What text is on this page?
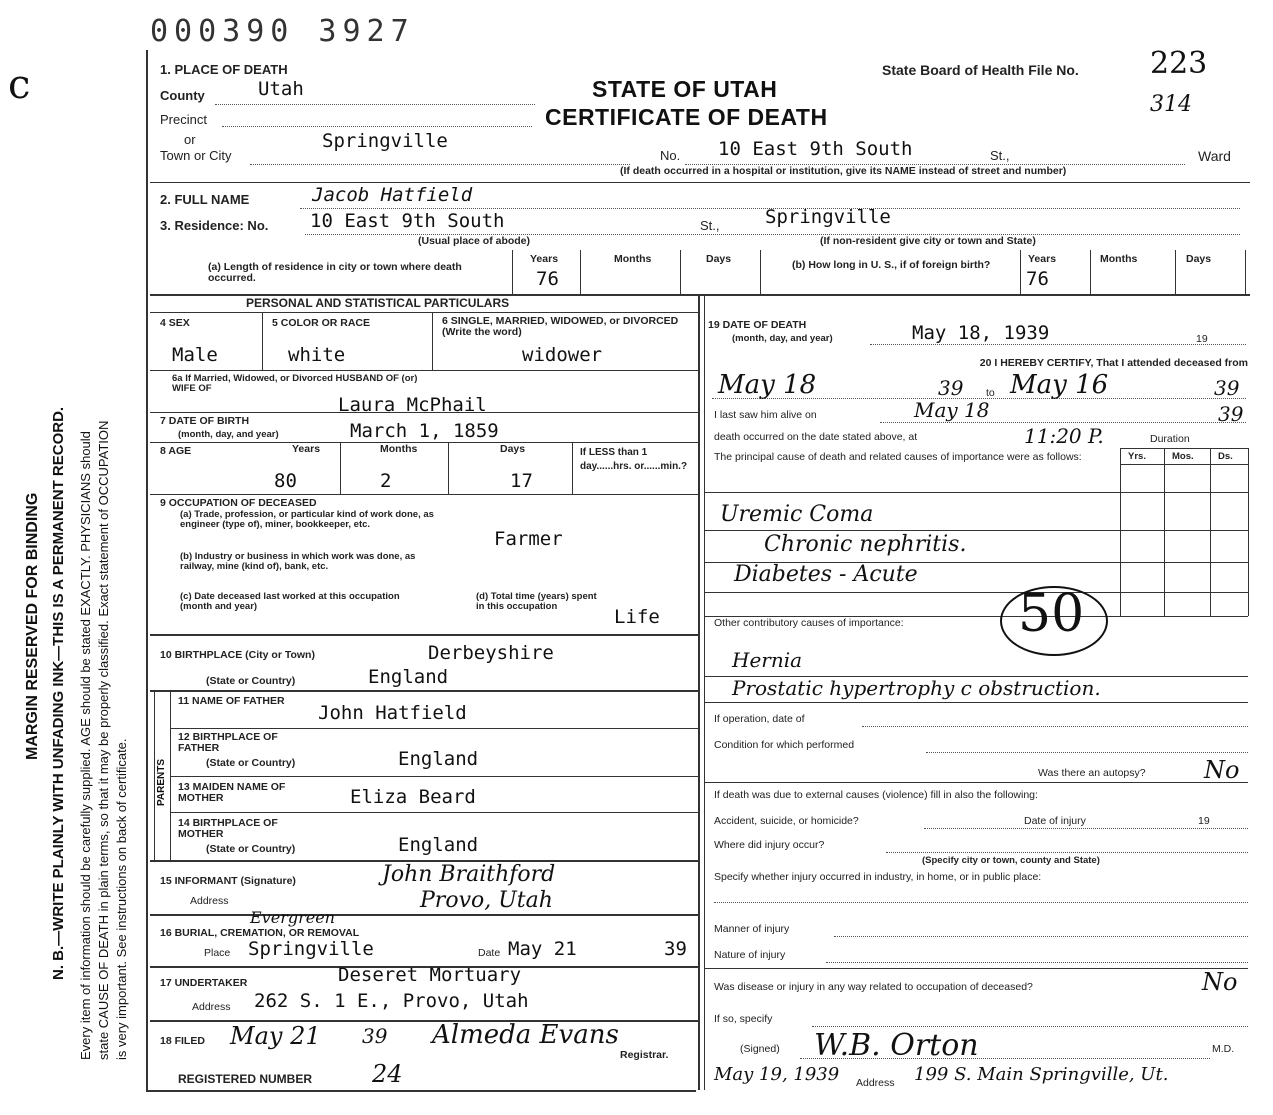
000390 3927
State Board of Health File No. 223
314
STATE OF UTAH
CERTIFICATE OF DEATH
c
MARGIN RESERVED FOR BINDING N. B.—WRITE PLAINLY WITH UNFADING INK—THIS IS A PERMANENT RECORD. Every item of information should be carefully supplied. AGE should be stated EXACTLY. PHYSICIANS should state CAUSE OF DEATH in plain terms, so that it may be properly classified. Exact statement of OCCUPATION is very important. See instructions on back of certificate.
1. PLACE OF DEATH
County	Utah
Precinct
or
Town or City
Springville
No. 10 East 9th South	St.,	Ward
(If death occurred in a hospital or institution, give its NAME instead of street and number)
2. FULL NAME	Jacob Hatfield
3. Residence: No. 10 East 9th South	St., Springville
(Usual place of abode)	(If non-resident give city or town and State)
(a) Length of residence in city or town where death occurred.
Years	Months	Days
76
(b) How long in U. S., if of foreign birth?	Years	Months	Days
76
PERSONAL AND STATISTICAL PARTICULARS
4 SEX	5 COLOR OR RACE	6 SINGLE, MARRIED, WIDOWED, or DIVORCED (Write the word)
Male	white	widower
6a If Married, Widowed, or Divorced HUSBAND OF (or) WIFE OF
Laura McPhail
7 DATE OF BIRTH
(month, day, and year)	March 1, 1859
8 AGE	Years	Months	Days
80	2	17
If LESS than 1 day......hrs. or......min.?
9 OCCUPATION OF DECEASED
(a) Trade, profession, or particular kind of work done, as engineer (type of), miner, bookkeeper, etc.
Farmer
(b) Industry or business in which work was done, as railway, mine (kind of), bank, etc.
(c) Date deceased last worked at this occupation (month and year)
(d) Total time (years) spent in this occupation	Life
10 BIRTHPLACE (City or Town)	Derbeyshire
(State or Country)	England
PARENTS
11 NAME OF FATHER
John Hatfield
12 BIRTHPLACE OF FATHER
(State or Country)	England
13 MAIDEN NAME OF MOTHER	Eliza Beard
14 BIRTHPLACE OF MOTHER
(State or Country)	England
15 INFORMANT (Signature)	John Braithford
Address	Provo, Utah
16 BURIAL, CREMATION, OR REMOVAL
Evergreen
Place Springville	Date May 21	39
17 UNDERTAKER	Deseret Mortuary
Address 262 S. 1 E., Provo, Utah
18 FILED May 21 39 Almeda Evans
Registrar.
REGISTERED NUMBER 24
19 DATE OF DEATH
(month, day, and year)	May 18, 1939	19
20 I HEREBY CERTIFY, That I attended deceased from
May 18	39 to May 16	39
I last saw him alive on	May 18	39
death occurred on the date stated above, at	11:20 P.	Duration
The principal cause of death and related causes of importance were as follows:	Yrs.	Mos.	Ds.
Uremic Coma
Chronic nephritis.
Diabetes - Acute
50
Other contributory causes of importance:
Hernia
Prostatic hypertrophy c obstruction.
If operation, date of
Condition for which performed
Was there an autopsy? No
If death was due to external causes (violence) fill in also the following:
Accident, suicide, or homicide?	Date of injury	19
Where did injury occur?
(Specify city or town, county and State)
Specify whether injury occurred in industry, in home, or in public place:
Manner of injury
Nature of injury
Was disease or injury in any way related to occupation of deceased?	No
If so, specify
(Signed) W.B. Orton	M.D.
May 19, 1939 Address 199 S. Main Springville, Ut.
